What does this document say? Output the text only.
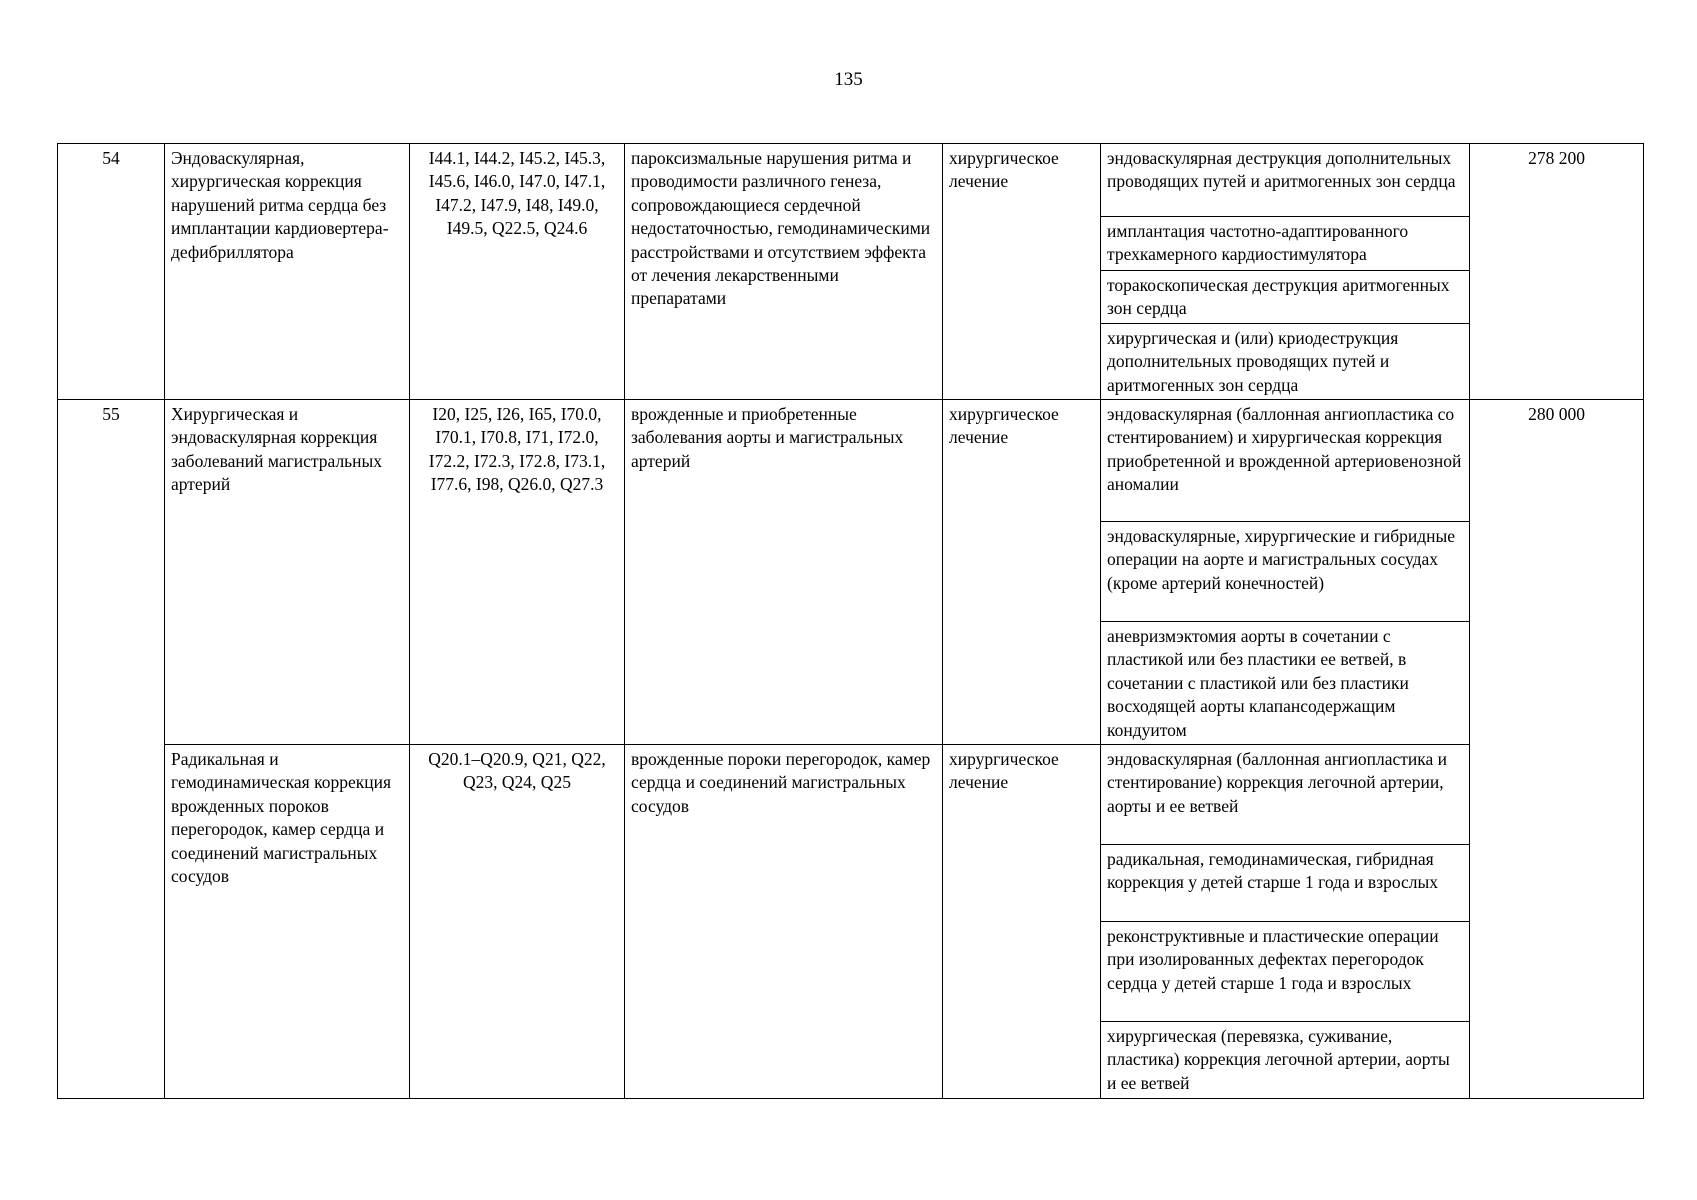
135
54	Эндоваскулярная, хирургическая коррекция нарушений ритма сердца без имплантации кардиовертера-дефибриллятора	I44.1, I44.2, I45.2, I45.3, I45.6, I46.0, I47.0, I47.1, I47.2, I47.9, I48, I49.0, I49.5, Q22.5, Q24.6	пароксизмальные нарушения ритма и проводимости различного генеза, сопровождающиеся сердечной недостаточностью, гемодинамическими расстройствами и отсутствием эффекта от лечения лекарственными препаратами	хирургическое лечение	эндоваскулярная деструкция дополнительных проводящих путей и аритмогенных зон сердца	278 200
					имплантация частотно-адаптированного трехкамерного кардиостимулятора	
					торакоскопическая деструкция аритмогенных зон сердца	
					хирургическая и (или) криодеструкция дополнительных проводящих путей и аритмогенных зон сердца	
55	Хирургическая и эндоваскулярная коррекция заболеваний магистральных артерий	I20, I25, I26, I65, I70.0, I70.1, I70.8, I71, I72.0, I72.2, I72.3, I72.8, I73.1, I77.6, I98, Q26.0, Q27.3	врожденные и приобретенные заболевания аорты и магистральных артерий	хирургическое лечение	эндоваскулярная (баллонная ангиопластика со стентированием) и хирургическая коррекция приобретенной и врожденной артериовенозной аномалии	280 000
					эндоваскулярные, хирургические и гибридные операции на аорте и магистральных сосудах (кроме артерий конечностей)	
					аневризмэктомия аорты в сочетании с пластикой или без пластики ее ветвей, в сочетании с пластикой или без пластики восходящей аорты клапансодержащим кондуитом	
	Радикальная и гемодинамическая коррекция врожденных пороков перегородок, камер сердца и соединений магистральных сосудов	Q20.1–Q20.9, Q21, Q22, Q23, Q24, Q25	врожденные пороки перегородок, камер сердца и соединений магистральных сосудов	хирургическое лечение	эндоваскулярная (баллонная ангиопластика и стентирование) коррекция легочной артерии, аорты и ее ветвей	
					радикальная, гемодинамическая, гибридная коррекция у детей старше 1 года и взрослых	
					реконструктивные и пластические операции при изолированных дефектах перегородок сердца у детей старше 1 года и взрослых	
					хирургическая (перевязка, суживание, пластика) коррекция легочной артерии, аорты и ее ветвей	
